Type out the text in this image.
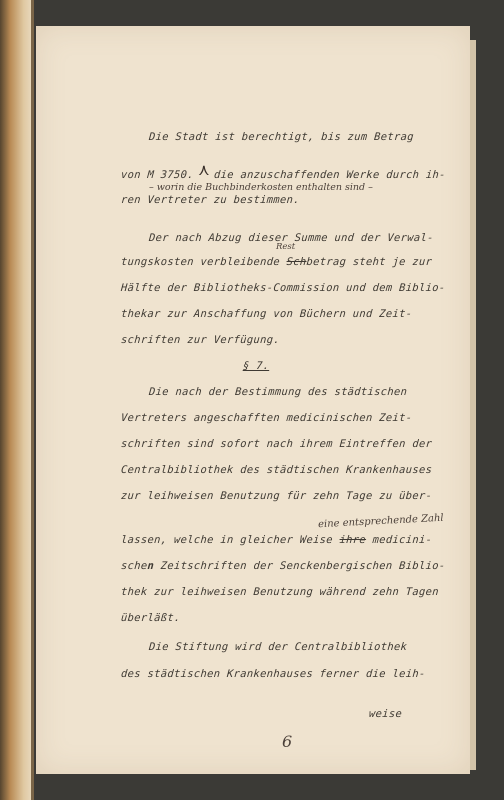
Die Stadt ist berechtigt, bis zum Betrag
von M 3750. ⋏ die anzuschaffenden Werke durch ih-
– worin die Buchbinderkosten enthalten sind –
ren Vertreter zu bestimmen.
Rest
Der nach Abzug dieser Summe und der Verwal-
tungskosten verbleibende Schbetrag steht je zur
Hälfte der Bibliotheks-Commission und dem Biblio-
thekar zur Anschaffung von Büchern und Zeit-
schriften zur Verfügung.
§ 7.
Die nach der Bestimmung des städtischen
Vertreters angeschafften medicinischen Zeit-
schriften sind sofort nach ihrem Eintreffen der
Centralbibliothek des städtischen Krankenhauses
zur leihweisen Benutzung für zehn Tage zu über-
eine entsprechende Zahl
lassen, welche in gleicher Weise ihre medicini-
schen Zeitschriften der Senckenbergischen Biblio-
thek zur leihweisen Benutzung während zehn Tagen
überläßt.
Die Stiftung wird der Centralbibliothek
des städtischen Krankenhauses ferner die leih-
weise
6
